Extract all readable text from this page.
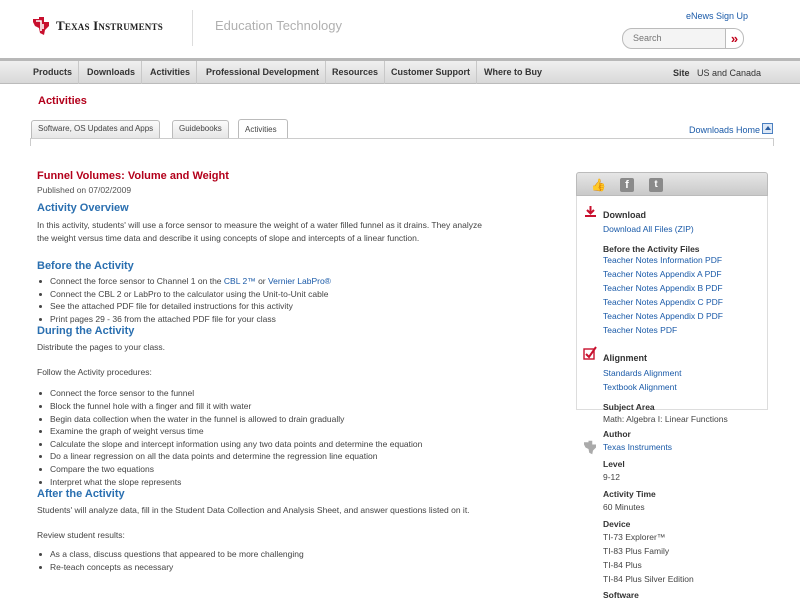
Texas Instruments	Education Technology
eNews Sign Up
Search
»
Products	Downloads	Activities	Professional Development	Resources	Customer Support	Where to Buy	Site US and Canada
Activities
Software, OS Updates and Apps	Guidebooks	Activities	Downloads Home
Funnel Volumes: Volume and Weight
Published on 07/02/2009
Activity Overview
In this activity, students' will use a force sensor to measure the weight of a water filled funnel as it drains. They analyze
the weight versus time data and describe it using concepts of slope and intercepts of a linear function.
Before the Activity
Connect the force sensor to Channel 1 on the CBL 2™ or Vernier LabPro®
Connect the CBL 2 or LabPro to the calculator using the Unit-to-Unit cable
See the attached PDF file for detailed instructions for this activity
Print pages 29 - 36 from the attached PDF file for your class
During the Activity
Distribute the pages to your class.
Follow the Activity procedures:
Connect the force sensor to the funnel
Block the funnel hole with a finger and fill it with water
Begin data collection when the water in the funnel is allowed to drain gradually
Examine the graph of weight versus time
Calculate the slope and intercept information using any two data points and determine the equation
Do a linear regression on all the data points and determine the regression line equation
Compare the two equations
Interpret what the slope represents
After the Activity
Students' will analyze data, fill in the Student Data Collection and Analysis Sheet, and answer questions listed on it.
Review student results:
As a class, discuss questions that appeared to be more challenging
Re-teach concepts as necessary
👍	f	t
Download
Download All Files (ZIP)
Before the Activity Files
Teacher Notes Information PDF
Teacher Notes Appendix A PDF
Teacher Notes Appendix B PDF
Teacher Notes Appendix C PDF
Teacher Notes Appendix D PDF
Teacher Notes PDF
Alignment
Standards Alignment
Textbook Alignment
Subject Area
Math: Algebra I: Linear Functions
Author
Texas Instruments
Level
9-12
Activity Time
60 Minutes
Device
TI-73 Explorer™
TI-83 Plus Family
TI-84 Plus
TI-84 Plus Silver Edition
Software
